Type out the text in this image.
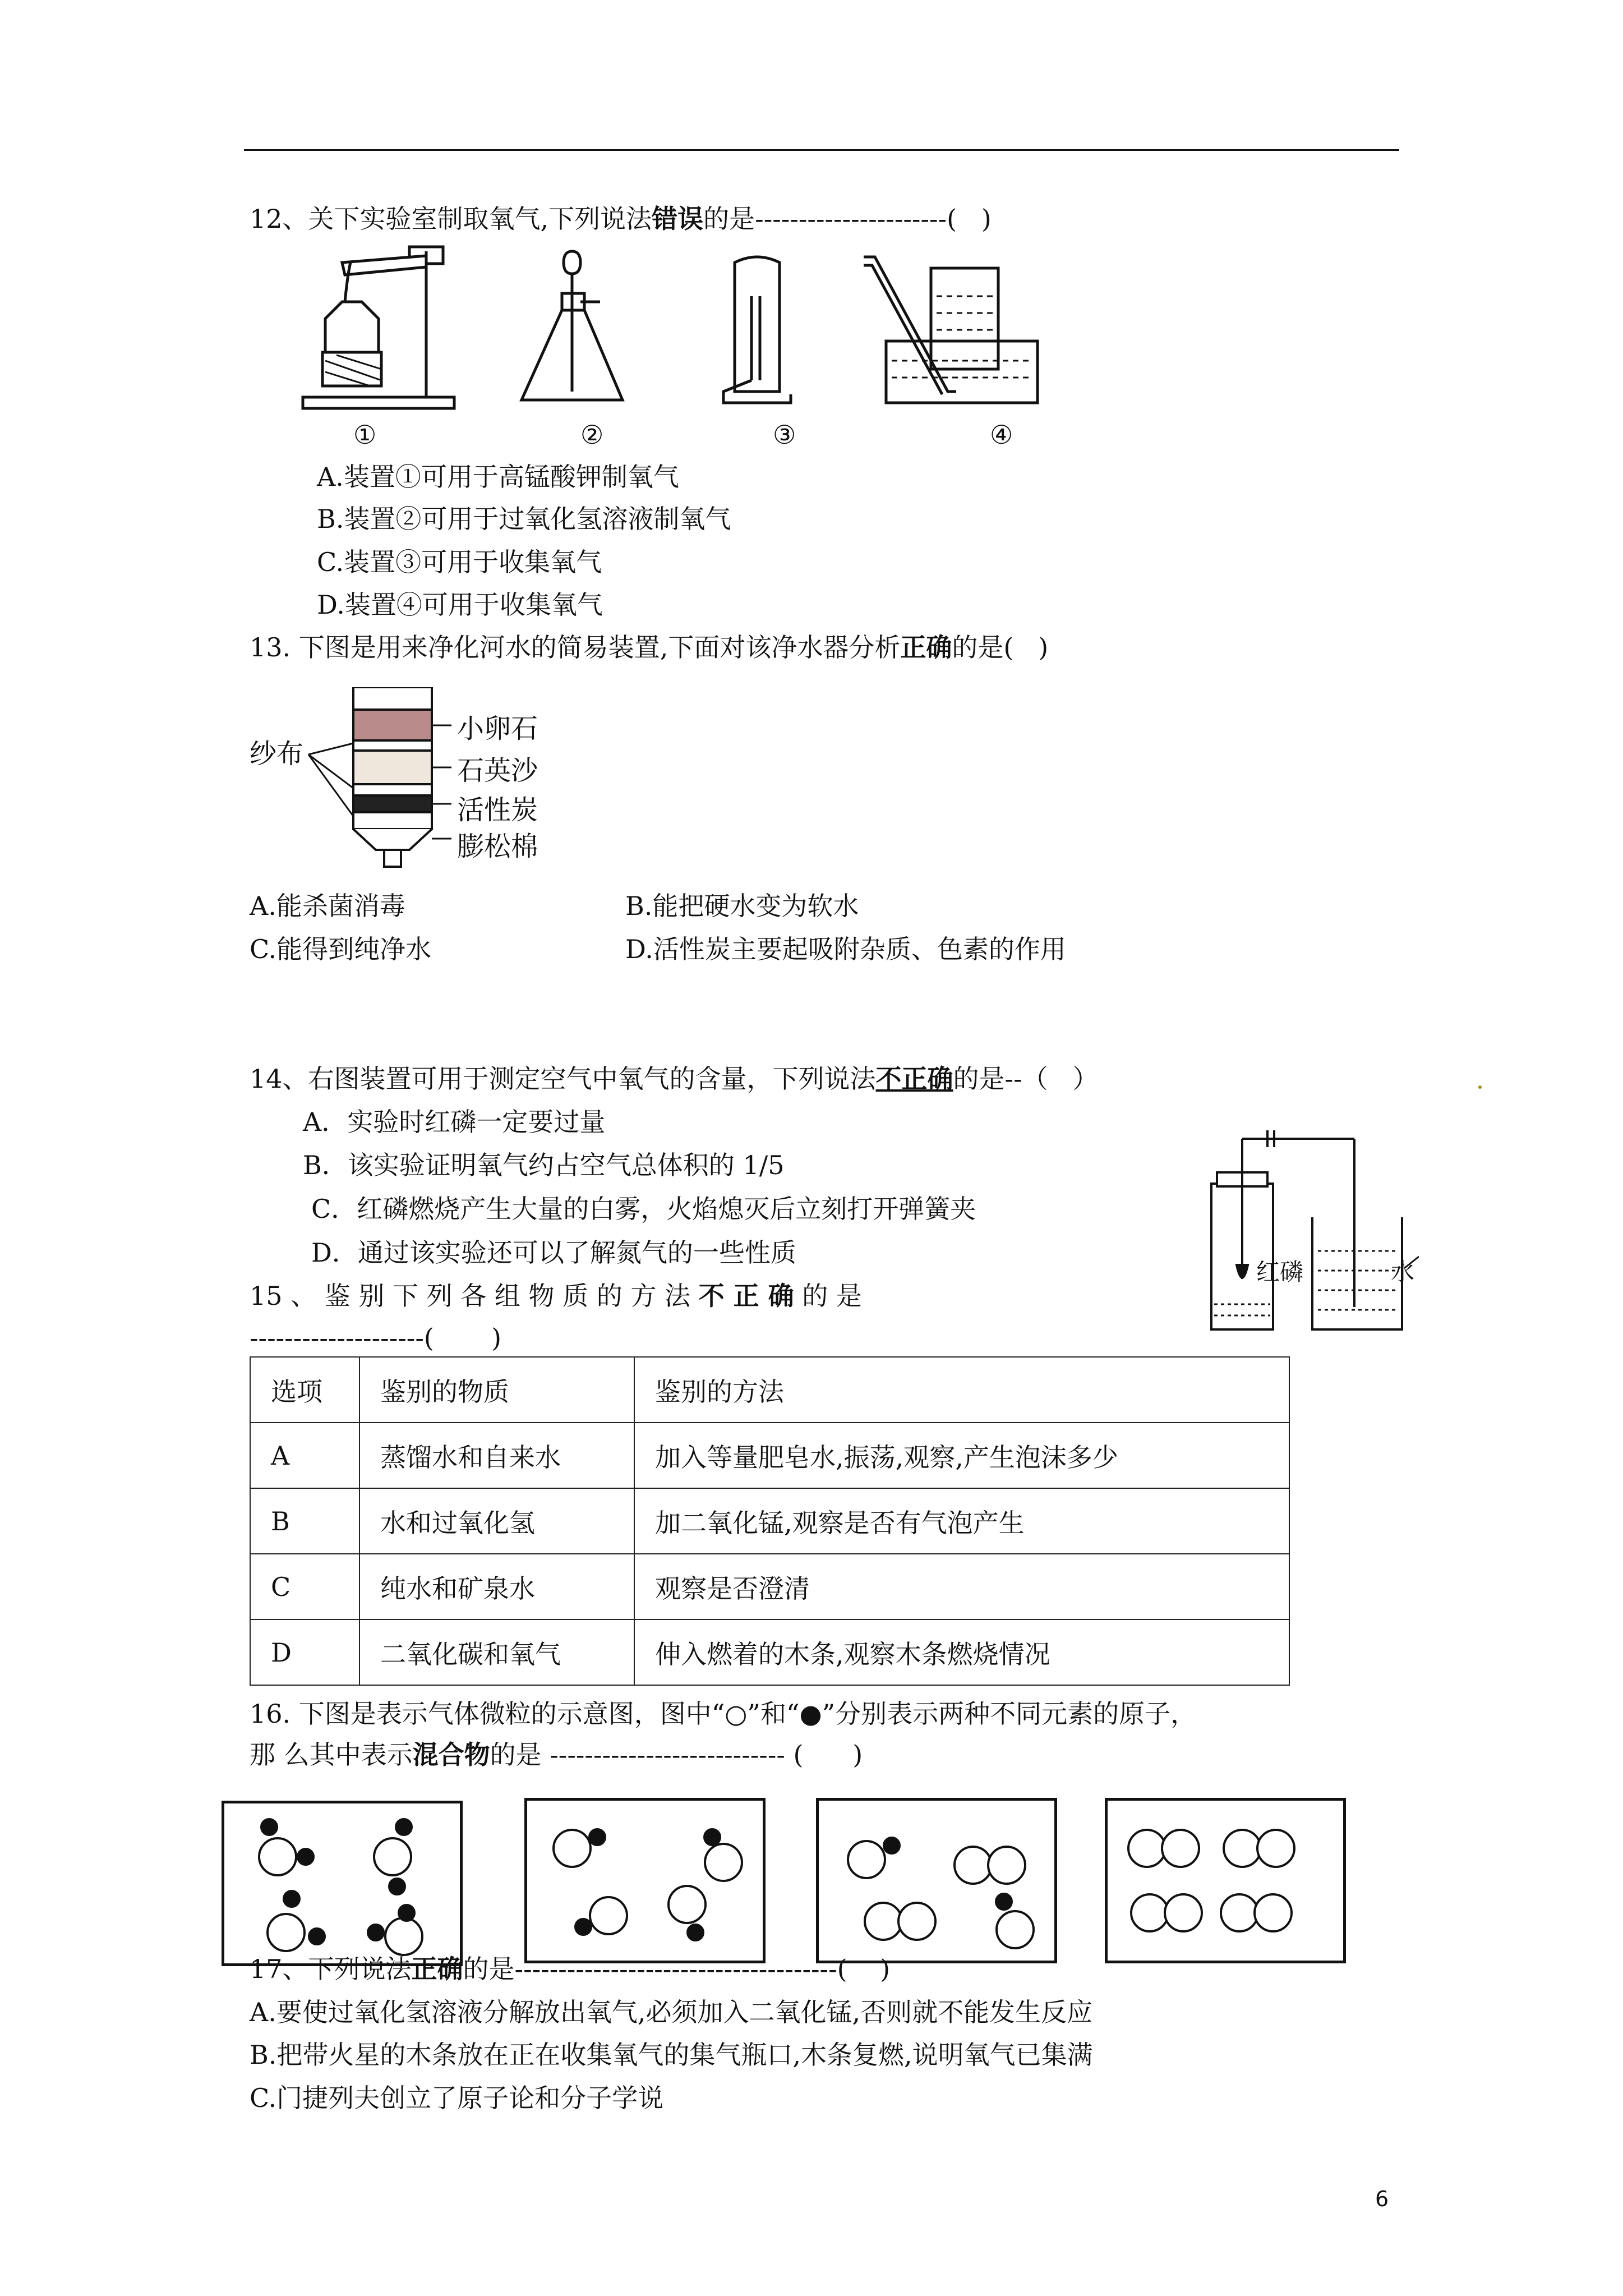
12、关下实验室制取氧气,下列说法错误的是----------------------(   )
①	②	③	④
A.装置①可用于高锰酸钾制氧气
B.装置②可用于过氧化氢溶液制氧气
C.装置③可用于收集氧气
D.装置④可用于收集氧气
13. 下图是用来净化河水的简易装置,下面对该净水器分析正确的是(   )
纱布
小卵石
石英沙
活性炭
膨松棉
A.能杀菌消毒	B.能把硬水变为软水
C.能得到纯净水	D.活性炭主要起吸附杂质、色素的作用
14、右图装置可用于测定空气中氧气的含量，下列说法不正确的是--（   ）
A．实验时红磷一定要过量
B．该实验证明氧气约占空气总体积的 1/5
C．红磷燃烧产生大量的白雾，火焰熄灭后立刻打开弹簧夹
D．通过该实验还可以了解氮气的一些性质
红磷	水
15 、 鉴 别 下 列 各 组 物 质 的 方 法 不 正 确 的 是
--------------------(       )
选项	鉴别的物质	鉴别的方法
A	蒸馏水和自来水	加入等量肥皂水,振荡,观察,产生泡沫多少
B	水和过氧化氢	加二氧化锰,观察是否有气泡产生
C	纯水和矿泉水	观察是否澄清
D	二氧化碳和氧气	伸入燃着的木条,观察木条燃烧情况
16. 下图是表示气体微粒的示意图，图中“○”和“●”分别表示两种不同元素的原子，
那 么其中表示混合物的是 --------------------------- (      )
17、下列说法正确的是-------------------------------------(    )
A.要使过氧化氢溶液分解放出氧气,必须加入二氧化锰,否则就不能发生反应
B.把带火星的木条放在正在收集氧气的集气瓶口,木条复燃,说明氧气已集满
C.门捷列夫创立了原子论和分子学说
6
